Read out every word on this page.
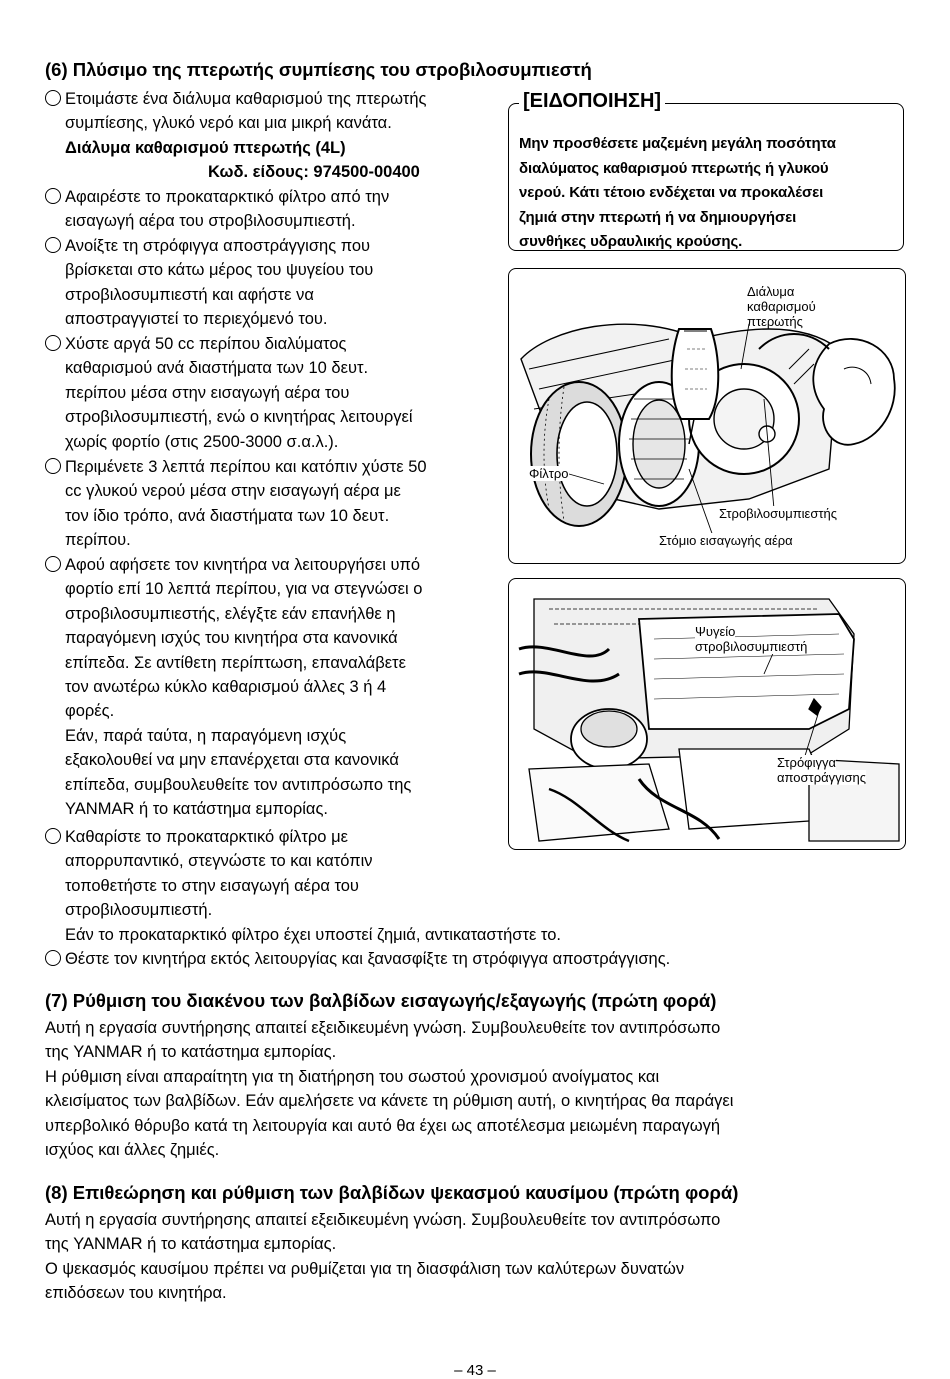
(6) Πλύσιμο της πτερωτής συμπίεσης του στροβιλοσυμπιεστή
Ετοιμάστε ένα διάλυμα καθαρισμού της πτερωτής
συμπίεσης, γλυκό νερό και μια μικρή κανάτα.
Διάλυμα καθαρισμού πτερωτής (4L)
Κωδ. είδους: 974500-00400
Αφαιρέστε το προκαταρκτικό φίλτρο από την
εισαγωγή αέρα του στροβιλοσυμπιεστή.
Ανοίξτε τη στρόφιγγα αποστράγγισης που
βρίσκεται στο κάτω μέρος του ψυγείου του
στροβιλοσυμπιεστή και αφήστε να
αποστραγγιστεί το περιεχόμενό του.
Χύστε αργά 50 cc περίπου διαλύματος
καθαρισμού ανά διαστήματα των 10 δευτ.
περίπου μέσα στην εισαγωγή αέρα του
στροβιλοσυμπιεστή, ενώ ο κινητήρας λειτουργεί
χωρίς φορτίο (στις 2500-3000 σ.α.λ.).
Περιμένετε 3 λεπτά περίπου και κατόπιν χύστε 50
cc γλυκού νερού μέσα στην εισαγωγή αέρα με
τον ίδιο τρόπο, ανά διαστήματα των 10 δευτ.
περίπου.
Αφού αφήσετε τον κινητήρα να λειτουργήσει υπό
φορτίο επί 10 λεπτά περίπου, για να στεγνώσει ο
στροβιλοσυμπιεστής, ελέγξτε εάν επανήλθε η
παραγόμενη ισχύς του κινητήρα στα κανονικά
επίπεδα. Σε αντίθετη περίπτωση, επαναλάβετε
τον ανωτέρω κύκλο καθαρισμού άλλες 3 ή 4
φορές.
Εάν, παρά ταύτα, η παραγόμενη ισχύς
εξακολουθεί να μην επανέρχεται στα κανονικά
επίπεδα, συμβουλευθείτε τον αντιπρόσωπο της
YANMAR ή το κατάστημα εμπορίας.
Καθαρίστε το προκαταρκτικό φίλτρο με
απορρυπαντικό, στεγνώστε το και κατόπιν
τοποθετήστε το στην εισαγωγή αέρα του
στροβιλοσυμπιεστή.
Εάν το προκαταρκτικό φίλτρο έχει υποστεί ζημιά, αντικαταστήστε το.
Θέστε τον κινητήρα εκτός λειτουργίας και ξανασφίξτε τη στρόφιγγα αποστράγγισης.
[ΕΙΔΟΠΟΙΗΣΗ]
Μην προσθέσετε μαζεμένη μεγάλη ποσότητα
διαλύματος καθαρισμού πτερωτής ή γλυκού
νερού. Κάτι τέτοιο ενδέχεται να προκαλέσει
ζημιά στην πτερωτή ή να δημιουργήσει
συνθήκες υδραυλικής κρούσης.
Διάλυμα
καθαρισμού
πτερωτής
Φίλτρο
Στροβιλοσυμπιεστής
Στόμιο εισαγωγής αέρα
Ψυγείο
στροβιλοσυμπιεστή
Στρόφιγγα
αποστράγγισης
(7) Ρύθμιση του διακένου των βαλβίδων εισαγωγής/εξαγωγής (πρώτη φορά)
Αυτή η εργασία συντήρησης απαιτεί εξειδικευμένη γνώση. Συμβουλευθείτε τον αντιπρόσωπο
της YANMAR ή το κατάστημα εμπορίας.
Η ρύθμιση είναι απαραίτητη για τη διατήρηση του σωστού χρονισμού ανοίγματος και
κλεισίματος των βαλβίδων. Εάν αμελήσετε να κάνετε τη ρύθμιση αυτή, ο κινητήρας θα παράγει
υπερβολικό θόρυβο κατά τη λειτουργία και αυτό θα έχει ως αποτέλεσμα μειωμένη παραγωγή
ισχύος και άλλες ζημιές.
(8) Επιθεώρηση και ρύθμιση των βαλβίδων ψεκασμού καυσίμου (πρώτη φορά)
Αυτή η εργασία συντήρησης απαιτεί εξειδικευμένη γνώση. Συμβουλευθείτε τον αντιπρόσωπο
της YANMAR ή το κατάστημα εμπορίας.
Ο ψεκασμός καυσίμου πρέπει να ρυθμίζεται για τη διασφάλιση των καλύτερων δυνατών
επιδόσεων του κινητήρα.
– 43 –
